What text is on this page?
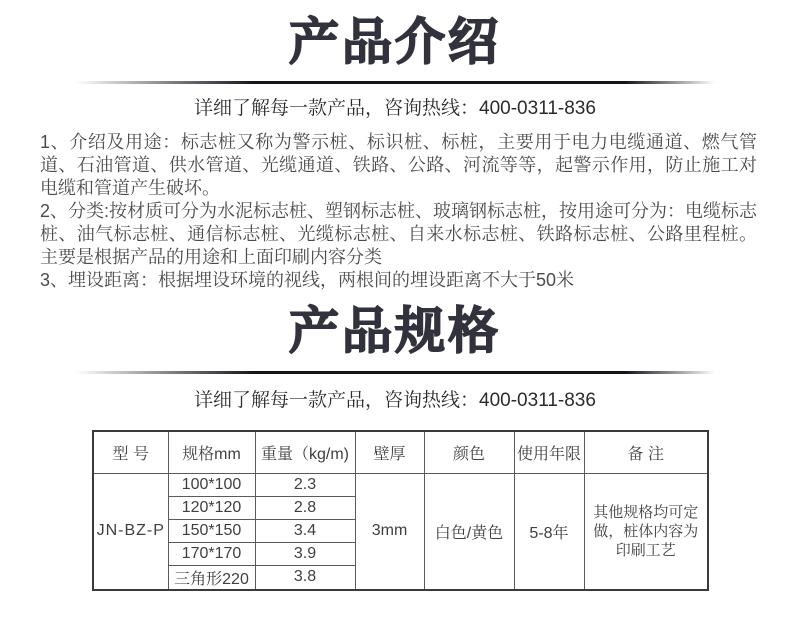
产品介绍

详细了解每一款产品，咨询热线：400-0311-836

1、介绍及用途：标志桩又称为警示桩、标识桩、标桩，主要用于电力电缆通道、燃气管道、石油管道、供水管道、光缆通道、铁路、公路、河流等等，起警示作用，防止施工对电缆和管道产生破坏。

2、分类:按材质可分为水泥标志桩、塑钢标志桩、玻璃钢标志桩，按用途可分为：电缆标志桩、油气标志桩、通信标志桩、光缆标志桩、自来水标志桩、铁路标志桩、公路里程桩。主要是根据产品的用途和上面印刷内容分类

3、埋设距离：根据埋设环境的视线，两根间的埋设距离不大于50米

产品规格

详细了解每一款产品，咨询热线：400-0311-836

型 号	规格mm	重量（kg/m)	壁厚	颜色	使用年限	备 注
JN-BZ-P	100*100	2.3	3mm	白色/黄色	5-8年	其他规格均可定做，桩体内容为印刷工艺
	120*120	2.8				
	150*150	3.4				
	170*170	3.9				
	三角形220	3.8				
